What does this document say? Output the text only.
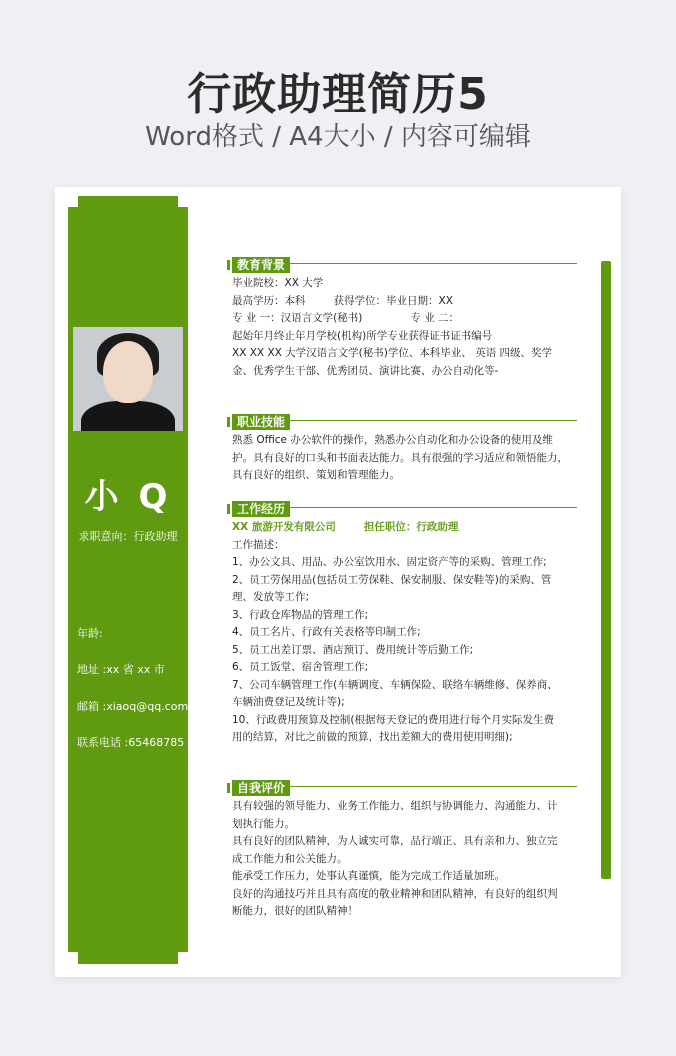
行政助理简历5
Word格式 / A4大小 / 内容可编辑
小 Q
求职意向：行政助理
年龄:
地址 :xx 省 xx 市
邮箱 :xiaoq@qq.com
联系电话 :65468785
教育背景

毕业院校：XX 大学

最高学历：本科	获得学位：毕业日期：XX

专 业 一：汉语言文学(秘书)	专 业 二：

起始年月终止年月学校(机构)所学专业获得证书证书编号

XX XX XX 大学汉语言文学(秘书)学位、本科毕业、 英语 四级、奖学

金、优秀学生干部、优秀团员、演讲比赛、办公自动化等-

职业技能

熟悉 Office 办公软件的操作，熟悉办公自动化和办公设备的使用及维

护。具有良好的口头和书面表达能力。具有很强的学习适应和领悟能力，

具有良好的组织、策划和管理能力。

工作经历

XX 旅游开发有限公司	担任职位：行政助理

工作描述：

1、办公文具、用品、办公室饮用水、固定资产等的采购、管理工作;

2、员工劳保用品(包括员工劳保鞋、保安制服、保安鞋等)的采购、管

理、发放等工作;

3、行政仓库物品的管理工作;

4、员工名片、行政有关表格等印制工作;

5、员工出差订票、酒店预订、费用统计等后勤工作;

6、员工饭堂、宿舍管理工作;

7、公司车辆管理工作(车辆调度、车辆保险、联络车辆维修、保养商、

车辆油费登记及统计等);

10、行政费用预算及控制(根据每天登记的费用进行每个月实际发生费

用的结算，对比之前做的预算，找出差额大的费用使用明细);

自我评价

具有较强的领导能力、业务工作能力、组织与协调能力、沟通能力、计

划执行能力。

具有良好的团队精神，为人诚实可靠，品行端正、具有亲和力、独立完

成工作能力和公关能力。

能承受工作压力，处事认真谨慎，能为完成工作适量加班。

良好的沟通技巧并且具有高度的敬业精神和团队精神，有良好的组织判

断能力，很好的团队精神！
